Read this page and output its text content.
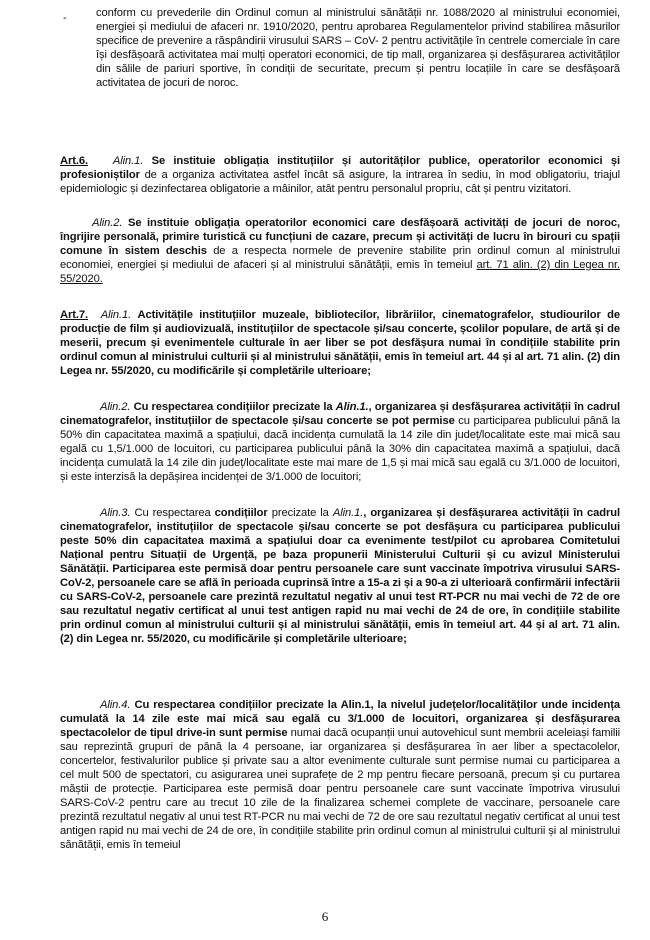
-	conform cu prevederile din Ordinul comun al ministrului sănătății nr. 1088/2020 al ministrului economiei, energiei și mediului de afaceri nr. 1910/2020, pentru aprobarea Regulamentelor privind stabilirea măsurilor specifice de prevenire a răspândirii virusului SARS – CoV- 2 pentru activitățile în centrele comerciale în care își desfășoară activitatea mai mulți operatori economici, de tip mall, organizarea și desfășurarea activităților din sălile de pariuri sportive, în condiții de securitate, precum și pentru locațiile în care se desfășoară activitatea de jocuri de noroc.

Art.6. Alin.1. Se instituie obligația instituțiilor și autorităților publice, operatorilor economici și profesioniștilor de a organiza activitatea astfel încât să asigure, la intrarea în sediu, în mod obligatoriu, triajul epidemiologic și dezinfectarea obligatorie a mâinilor, atât pentru personalul propriu, cât și pentru vizitatori.

Alin.2. Se instituie obligația operatorilor economici care desfășoară activități de jocuri de noroc, îngrijire personală, primire turistică cu funcțiuni de cazare, precum și activități de lucru în birouri cu spații comune în sistem deschis de a respecta normele de prevenire stabilite prin ordinul comun al ministrului economiei, energiei și mediului de afaceri și al ministrului sănătății, emis în temeiul art. 71 alin. (2) din Legea nr. 55/2020.

Art.7. Alin.1. Activitățile instituțiilor muzeale, bibliotecilor, librăriilor, cinematografelor, studiourilor de producție de film și audiovizuală, instituțiilor de spectacole și/sau concerte, școlilor populare, de artă și de meserii, precum și evenimentele culturale în aer liber se pot desfășura numai în condițiile stabilite prin ordinul comun al ministrului culturii și al ministrului sănătății, emis în temeiul art. 44 și al art. 71 alin. (2) din Legea nr. 55/2020, cu modificările și completările ulterioare;

Alin.2. Cu respectarea condițiilor precizate la Alin.1., organizarea și desfășurarea activității în cadrul cinematografelor, instituțiilor de spectacole și/sau concerte se pot permise cu participarea publicului până la 50% din capacitatea maximă a spațiului, dacă incidența cumulată la 14 zile din județ/localitate este mai mică sau egală cu 1,5/1.000 de locuitori, cu participarea publicului până la 30% din capacitatea maximă a spațiului, dacă incidența cumulată la 14 zile din județ/localitate este mai mare de 1,5 și mai mică sau egală cu 3/1.000 de locuitori, și este interzisă la depășirea incidenței de 3/1.000 de locuitori;

Alin.3. Cu respectarea condițiilor precizate la Alin.1., organizarea și desfășurarea activității în cadrul cinematografelor, instituțiilor de spectacole și/sau concerte se pot desfășura cu participarea publicului peste 50% din capacitatea maximă a spațiului doar ca evenimente test/pilot cu aprobarea Comitetului Național pentru Situații de Urgență, pe baza propunerii Ministerului Culturii și cu avizul Ministerului Sănătății. Participarea este permisă doar pentru persoanele care sunt vaccinate împotriva virusului SARS-CoV-2, persoanele care se află în perioada cuprinsă între a 15-a zi și a 90-a zi ulterioară confirmării infectării cu SARS-CoV-2, persoanele care prezintă rezultatul negativ al unui test RT-PCR nu mai vechi de 72 de ore sau rezultatul negativ certificat al unui test antigen rapid nu mai vechi de 24 de ore, în condițiile stabilite prin ordinul comun al ministrului culturii și al ministrului sănătății, emis în temeiul art. 44 și al art. 71 alin. (2) din Legea nr. 55/2020, cu modificările și completările ulterioare;

Alin.4. Cu respectarea condițiilor precizate la Alin.1, la nivelul județelor/localităților unde incidența cumulată la 14 zile este mai mică sau egală cu 3/1.000 de locuitori, organizarea și desfășurarea spectacolelor de tipul drive-in sunt permise numai dacă ocupanții unui autovehicul sunt membrii aceleiași familii sau reprezintă grupuri de până la 4 persoane, iar organizarea și desfășurarea în aer liber a spectacolelor, concertelor, festivalurilor publice și private sau a altor evenimente culturale sunt permise numai cu participarea a cel mult 500 de spectatori, cu asigurarea unei suprafețe de 2 mp pentru fiecare persoană, precum și cu purtarea măștii de protecție. Participarea este permisă doar pentru persoanele care sunt vaccinate împotriva virusului SARS-CoV-2 pentru care au trecut 10 zile de la finalizarea schemei complete de vaccinare, persoanele care prezintă rezultatul negativ al unui test RT-PCR nu mai vechi de 72 de ore sau rezultatul negativ certificat al unui test antigen rapid nu mai vechi de 24 de ore, în condițiile stabilite prin ordinul comun al ministrului culturii și al ministrului sănătății, emis în temeiul

6
